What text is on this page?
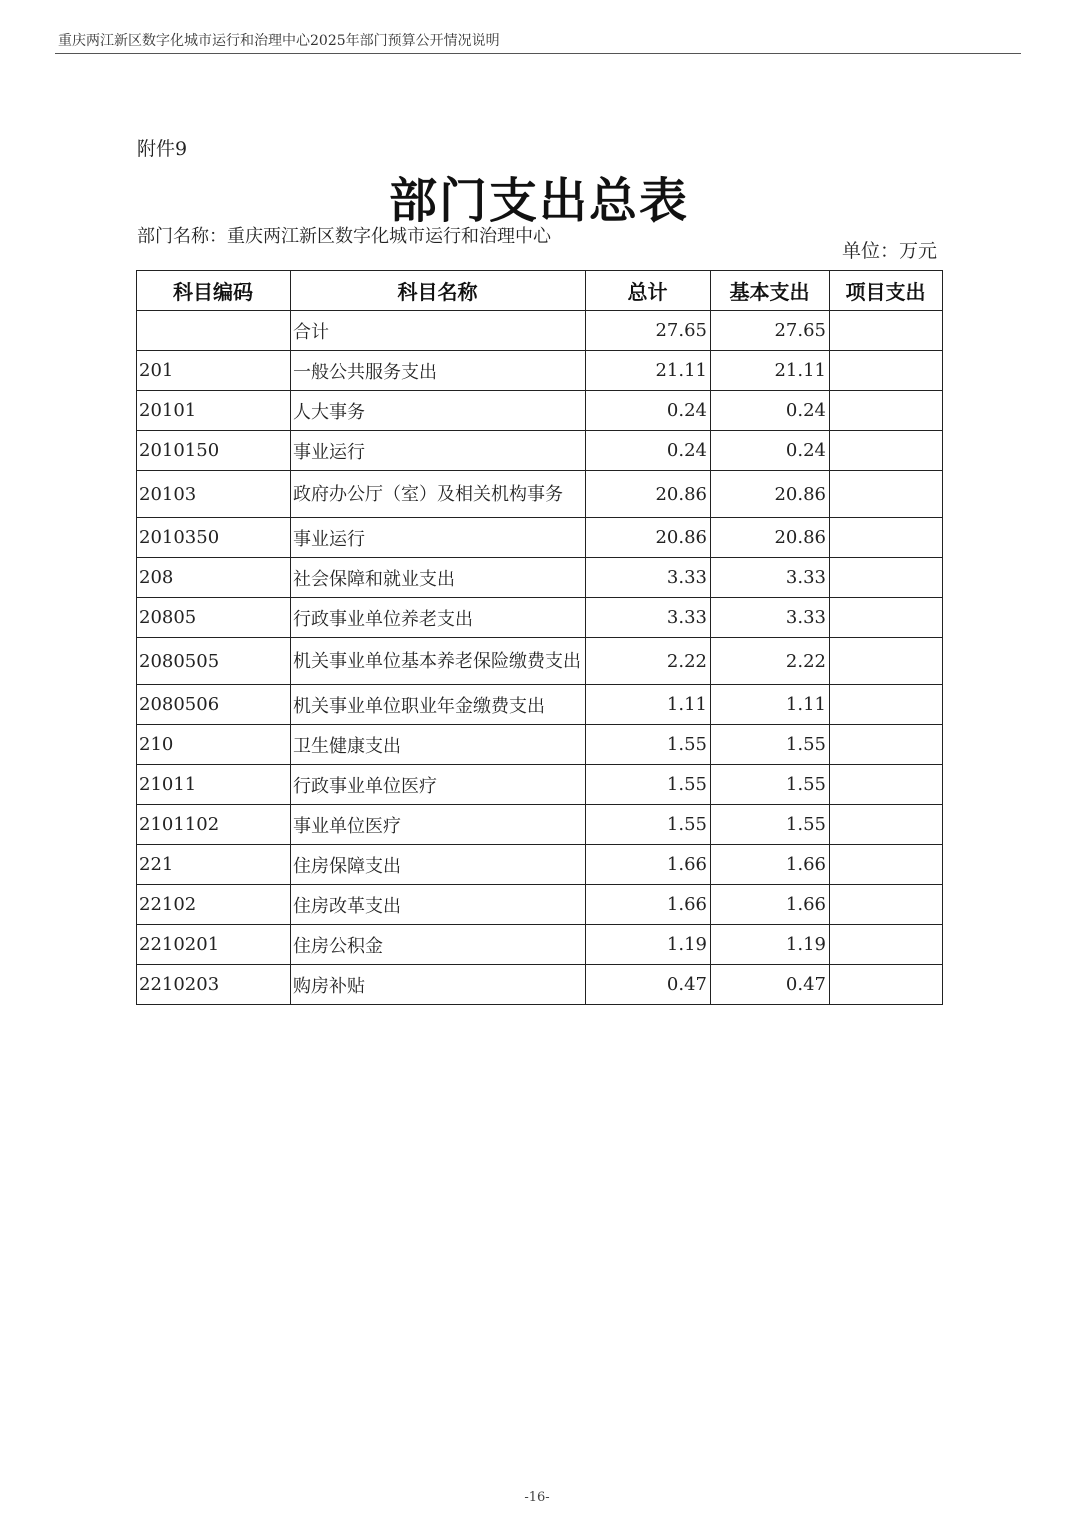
重庆两江新区数字化城市运行和治理中心2025年部门预算公开情况说明
附件9
部门支出总表
部门名称：重庆两江新区数字化城市运行和治理中心
单位：万元
科目编码	科目名称	总计	基本支出	项目支出
	合计	27.65	27.65	
201	一般公共服务支出	21.11	21.11	
20101	人大事务	0.24	0.24	
2010150	事业运行	0.24	0.24	
20103	政府办公厅（室）及相关机构事务	20.86	20.86	
2010350	事业运行	20.86	20.86	
208	社会保障和就业支出	3.33	3.33	
20805	行政事业单位养老支出	3.33	3.33	
2080505	机关事业单位基本养老保险缴费支出	2.22	2.22	
2080506	机关事业单位职业年金缴费支出	1.11	1.11	
210	卫生健康支出	1.55	1.55	
21011	行政事业单位医疗	1.55	1.55	
2101102	事业单位医疗	1.55	1.55	
221	住房保障支出	1.66	1.66	
22102	住房改革支出	1.66	1.66	
2210201	住房公积金	1.19	1.19	
2210203	购房补贴	0.47	0.47	
-16-
